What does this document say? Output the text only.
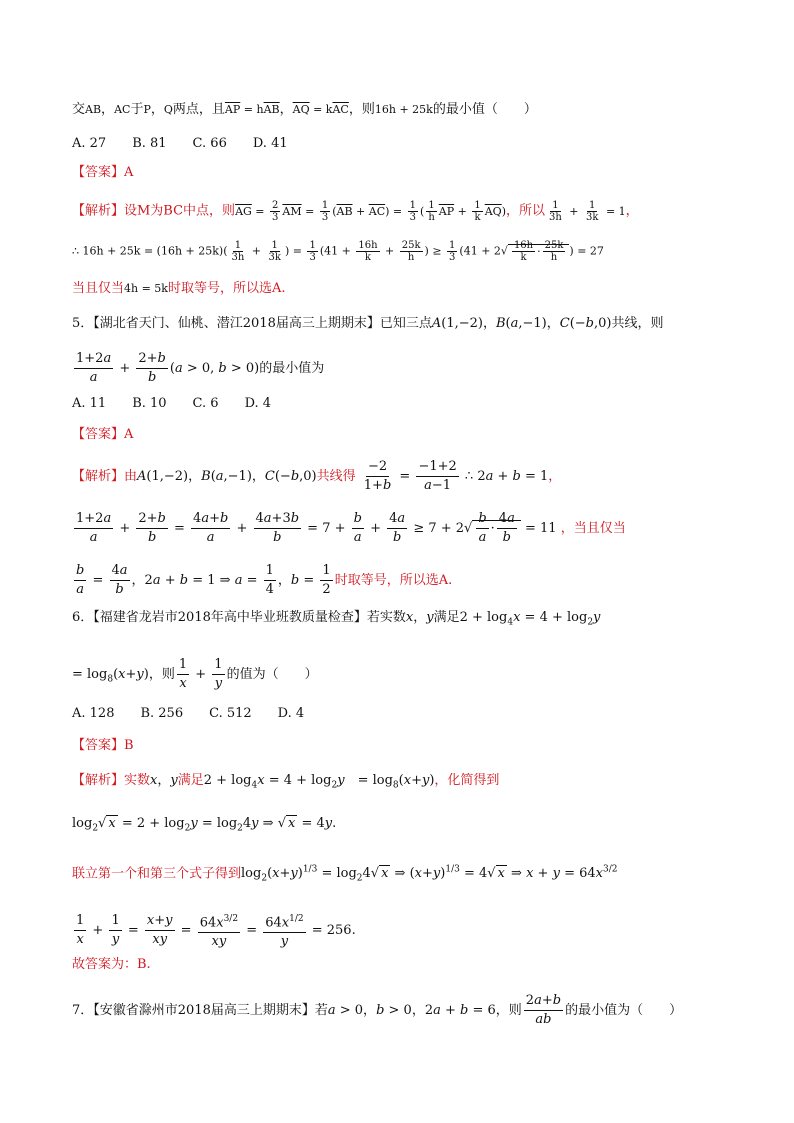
交AB，AC于P，Q两点，且$\overline{AP} = h\overline{AB}$，$\overline{AQ} = k\overline{AC}$，则16h + 25k的最小值（　　）
A. 27　　B. 81　　C. 66　　D. 41
【答案】A
【解析】设M为BC中点，则$\overline{AG} = \frac{2}{3} \overline{AM} = \frac{1}{3} (\overline{AB} + \overline{AC}) = \frac{1}{3}$ ( $\frac{1}{h} \overline{AP} + \frac{1}{k} \overline{AQ}$)，所以 $\frac{1}{3h} + \frac{1}{3k} = 1$，
∴ $16h + 25k = (16h + 25k)( \frac{1}{3h} + \frac{1}{3k}$ ) = $\frac{1}{3} (41 + \frac{16h}{k} + \frac{25k}{h}$ ) ≥ $\frac{1}{3} (41 + 2√ \frac{16h}{k} \cdot \frac{25k}{h}$ ) = 27
当且仅当4h = 5k时取等号，所以选A.
5．【湖北省天门、仙桃、潜江2018届高三上期期末】已知三点A(1,−2)，B(a,−1)，C(−b,0)共线，则
$\frac{1+2a}{a} + \frac{2+b}{b} (a > 0$, b > 0)的最小值为
A. 11　　B. 10　　C. 6　　D. 4
【答案】A
【解析】由A(1,−2)，B(a,−1)，C(−b,0)共线得 $\frac{-2}{1+b} = \frac{-1+2}{a-1}$ ∴ 2a + b = 1，
$\frac{1+2a}{a} + \frac{2+b}{b} = \frac{4a+b}{a} + \frac{4a+3b}{b} = 7 + \frac{b}{a} + \frac{4a}{b} \ge 7 + 2√ \frac{b}{a} \cdot \frac{4a}{b} = 11$ ，当且仅当
$\frac{b}{a} = \frac{4a}{b}$ ，2a + b = 1 ⇒ $a = \frac{1}{4}$ ，$b = \frac{1}{2}$ 时取等号，所以选A.
6．【福建省龙岩市2018年高中毕业班教质量检查】若实数x，y满足$2 + \log_4x = 4 + \log_2y$
= $\log_8(x+y)$，则 $\frac{1}{x} + \frac{1}{y}$ 的值为（　　）
A. 128　　B. 256　　C. 512　　D. 4
【答案】B
【解析】实数x，y满足$2 + \log_4x = 4 + \log_2y$　= $\log_8(x+y)$，化简得到
$\log_2√$ $x = 2 + \log_2y = \log_24y$ ⇒ √ x = 4y.
联立第一个和第三个式子得到$\log_2(x+y)^{1/3} = \log_24√$ x ⇒ $(x+y)^{1/3} = 4√$ x ⇒ $x + y = 64x^{3/2}$
$\frac{1}{x} + \frac{1}{y} = \frac{x+y}{xy} = \frac{64x^{3/2}}{xy} = \frac{64x^{1/2}}{y} = 256$.
故答案为：B.
7．【安徽省滁州市2018届高三上期期末】若a > 0，b > 0，2a + b = 6，则 $\frac{2a+b}{ab}$ 的最小值为（　　）
